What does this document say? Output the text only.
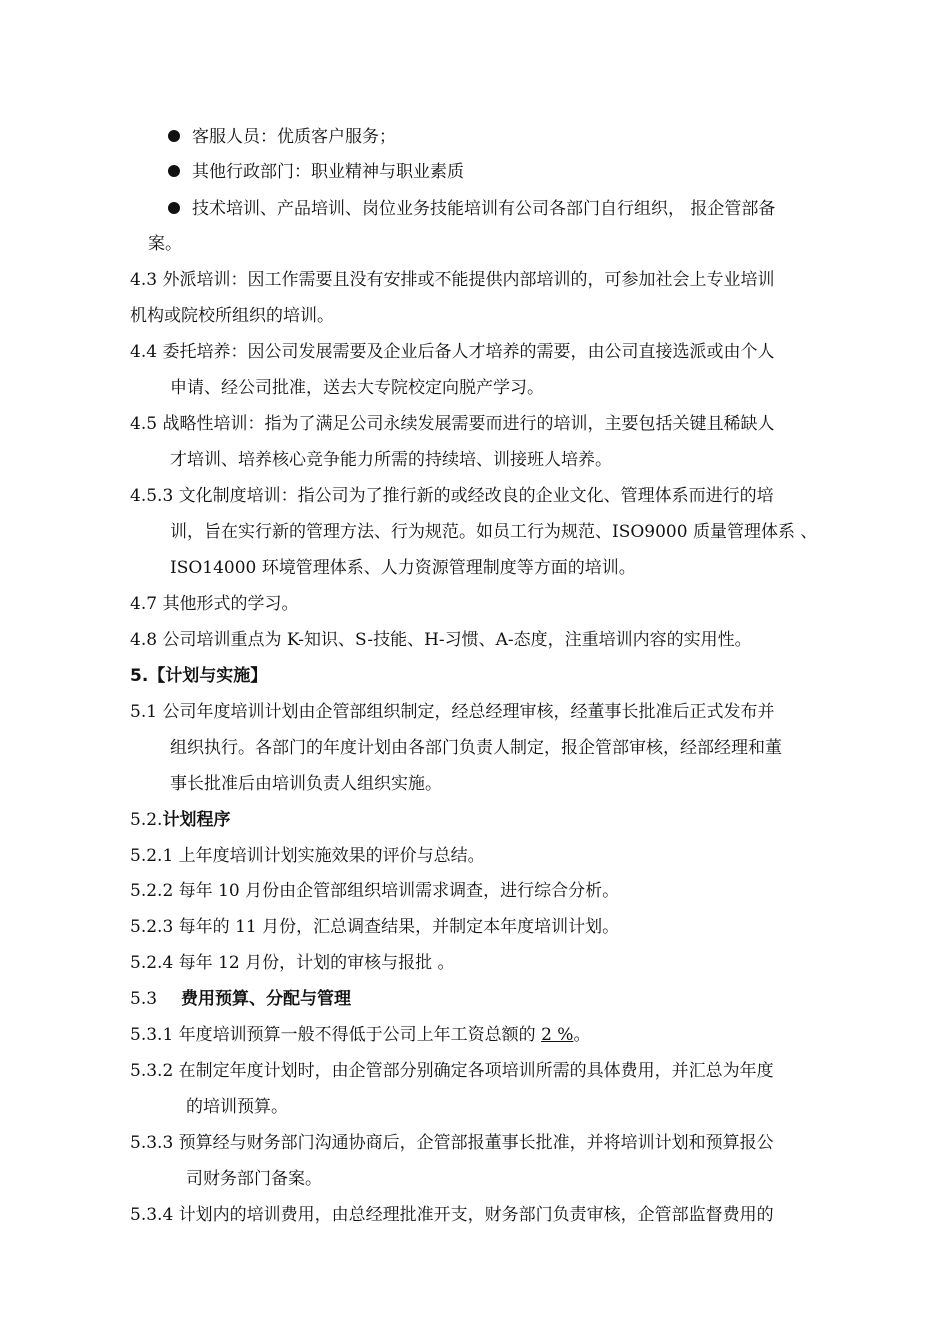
客服人员：优质客户服务；
其他行政部门：职业精神与职业素质
技术培训、产品培训、岗位业务技能培训有公司各部门自行组织， 报企管部备
案。
4.3 外派培训：因工作需要且没有安排或不能提供内部培训的，可参加社会上专业培训
机构或院校所组织的培训。
4.4 委托培养：因公司发展需要及企业后备人才培养的需要，由公司直接选派或由个人
申请、经公司批准，送去大专院校定向脱产学习。
4.5 战略性培训：指为了满足公司永续发展需要而进行的培训，主要包括关键且稀缺人
才培训、培养核心竞争能力所需的持续培、训接班人培养。
4.5.3 文化制度培训：指公司为了推行新的或经改良的企业文化、管理体系而进行的培
训，旨在实行新的管理方法、行为规范。如员工行为规范、ISO9000 质量管理体系 、
ISO14000 环境管理体系、人力资源管理制度等方面的培训。
4.7 其他形式的学习。
4.8 公司培训重点为 K-知识、S-技能、H-习惯、A-态度，注重培训内容的实用性。
5.【计划与实施】
5.1 公司年度培训计划由企管部组织制定，经总经理审核，经董事长批准后正式发布并
组织执行。各部门的年度计划由各部门负责人制定，报企管部审核，经部经理和董
事长批准后由培训负责人组织实施。
5.2.计划程序
5.2.1 上年度培训计划实施效果的评价与总结。
5.2.2 每年 10 月份由企管部组织培训需求调查，进行综合分析。
5.2.3 每年的 11 月份，汇总调查结果，并制定本年度培训计划。
5.2.4 每年 12 月份，计划的审核与报批 。
5.3 费用预算、分配与管理
5.3.1 年度培训预算一般不得低于公司上年工资总额的 2 %。
5.3.2 在制定年度计划时，由企管部分别确定各项培训所需的具体费用，并汇总为年度
的培训预算。
5.3.3 预算经与财务部门沟通协商后，企管部报董事长批准，并将培训计划和预算报公
司财务部门备案。
5.3.4 计划内的培训费用，由总经理批准开支，财务部门负责审核，企管部监督费用的
